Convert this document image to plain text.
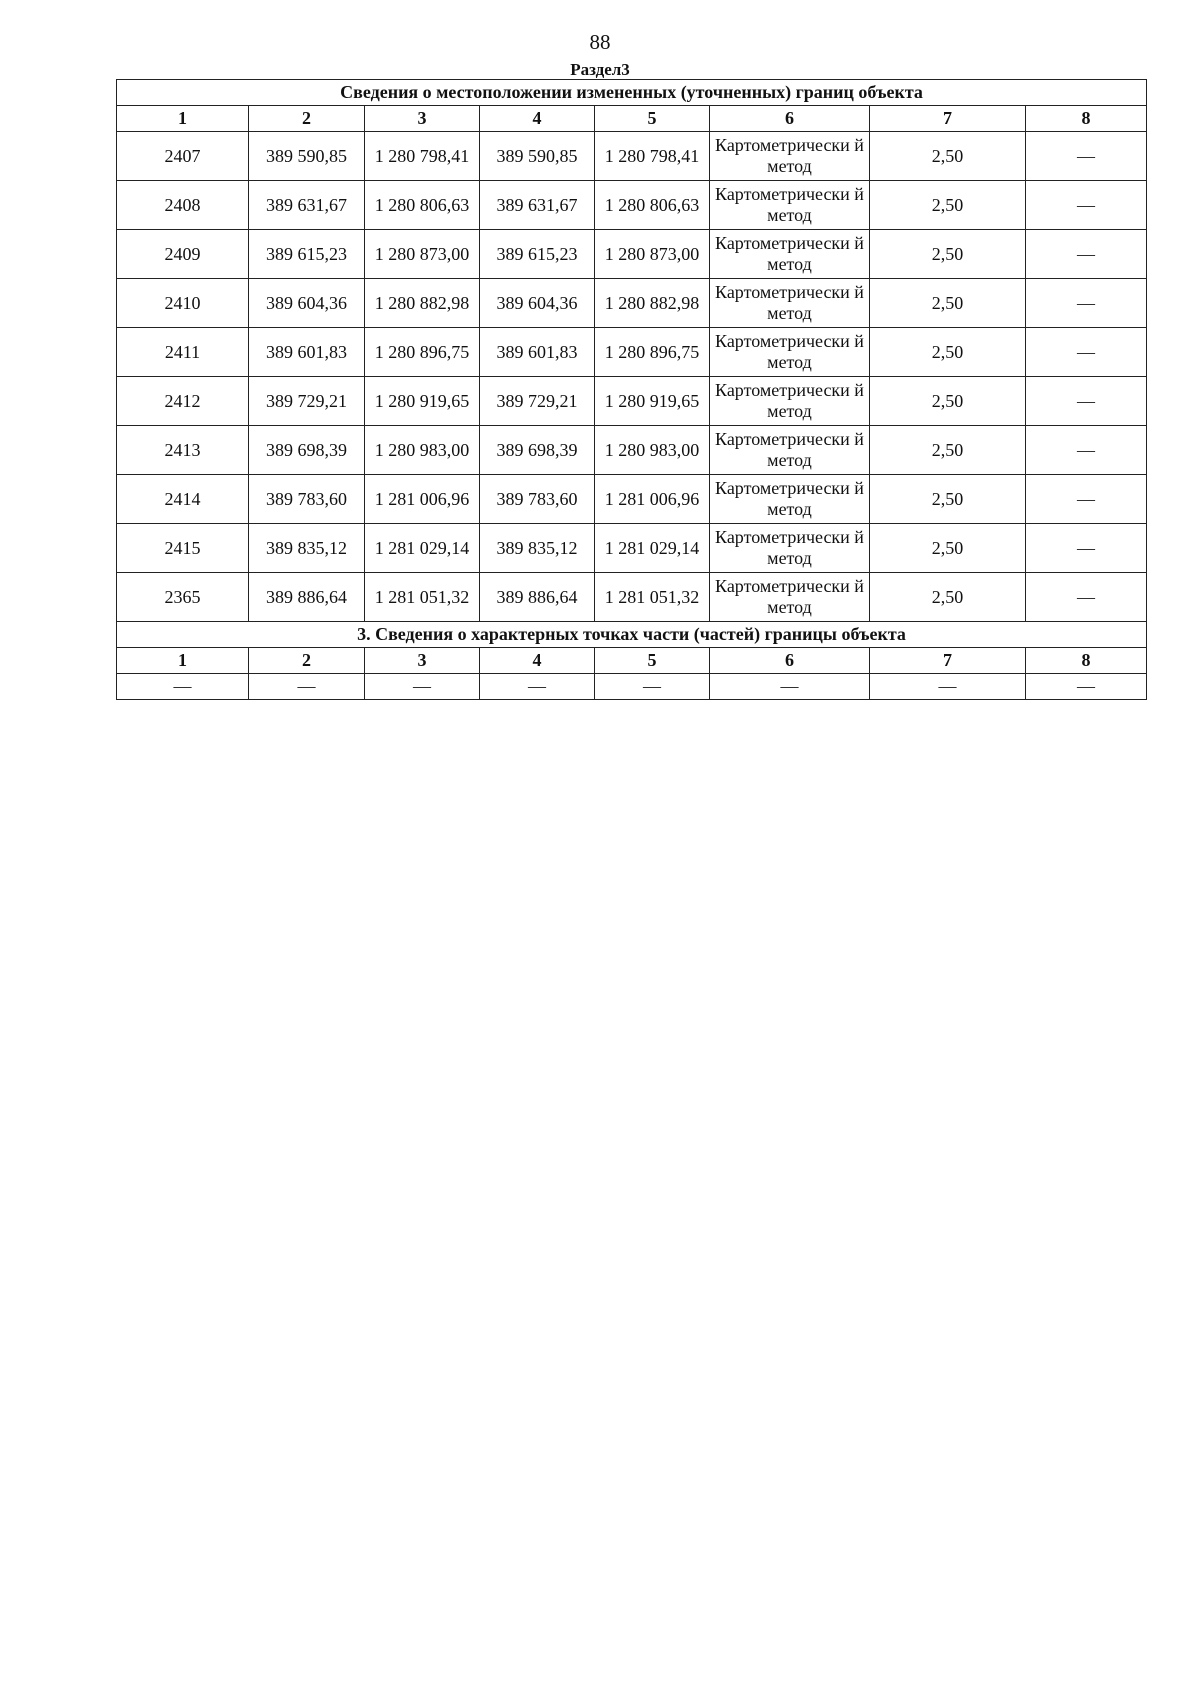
88
Раздел3
Сведения о местоположении измененных (уточненных) границ объекта							
1	2	3	4	5	6	7	8
2407	389 590,85	1 280 798,41	389 590,85	1 280 798,41	Картометрически й метод	2,50	—
2408	389 631,67	1 280 806,63	389 631,67	1 280 806,63	Картометрически й метод	2,50	—
2409	389 615,23	1 280 873,00	389 615,23	1 280 873,00	Картометрически й метод	2,50	—
2410	389 604,36	1 280 882,98	389 604,36	1 280 882,98	Картометрически й метод	2,50	—
2411	389 601,83	1 280 896,75	389 601,83	1 280 896,75	Картометрически й метод	2,50	—
2412	389 729,21	1 280 919,65	389 729,21	1 280 919,65	Картометрически й метод	2,50	—
2413	389 698,39	1 280 983,00	389 698,39	1 280 983,00	Картометрически й метод	2,50	—
2414	389 783,60	1 281 006,96	389 783,60	1 281 006,96	Картометрически й метод	2,50	—
2415	389 835,12	1 281 029,14	389 835,12	1 281 029,14	Картометрически й метод	2,50	—
2365	389 886,64	1 281 051,32	389 886,64	1 281 051,32	Картометрически й метод	2,50	—
3. Сведения о характерных точках части (частей) границы объекта							
1	2	3	4	5	6	7	8
—	—	—	—	—	—	—	—
